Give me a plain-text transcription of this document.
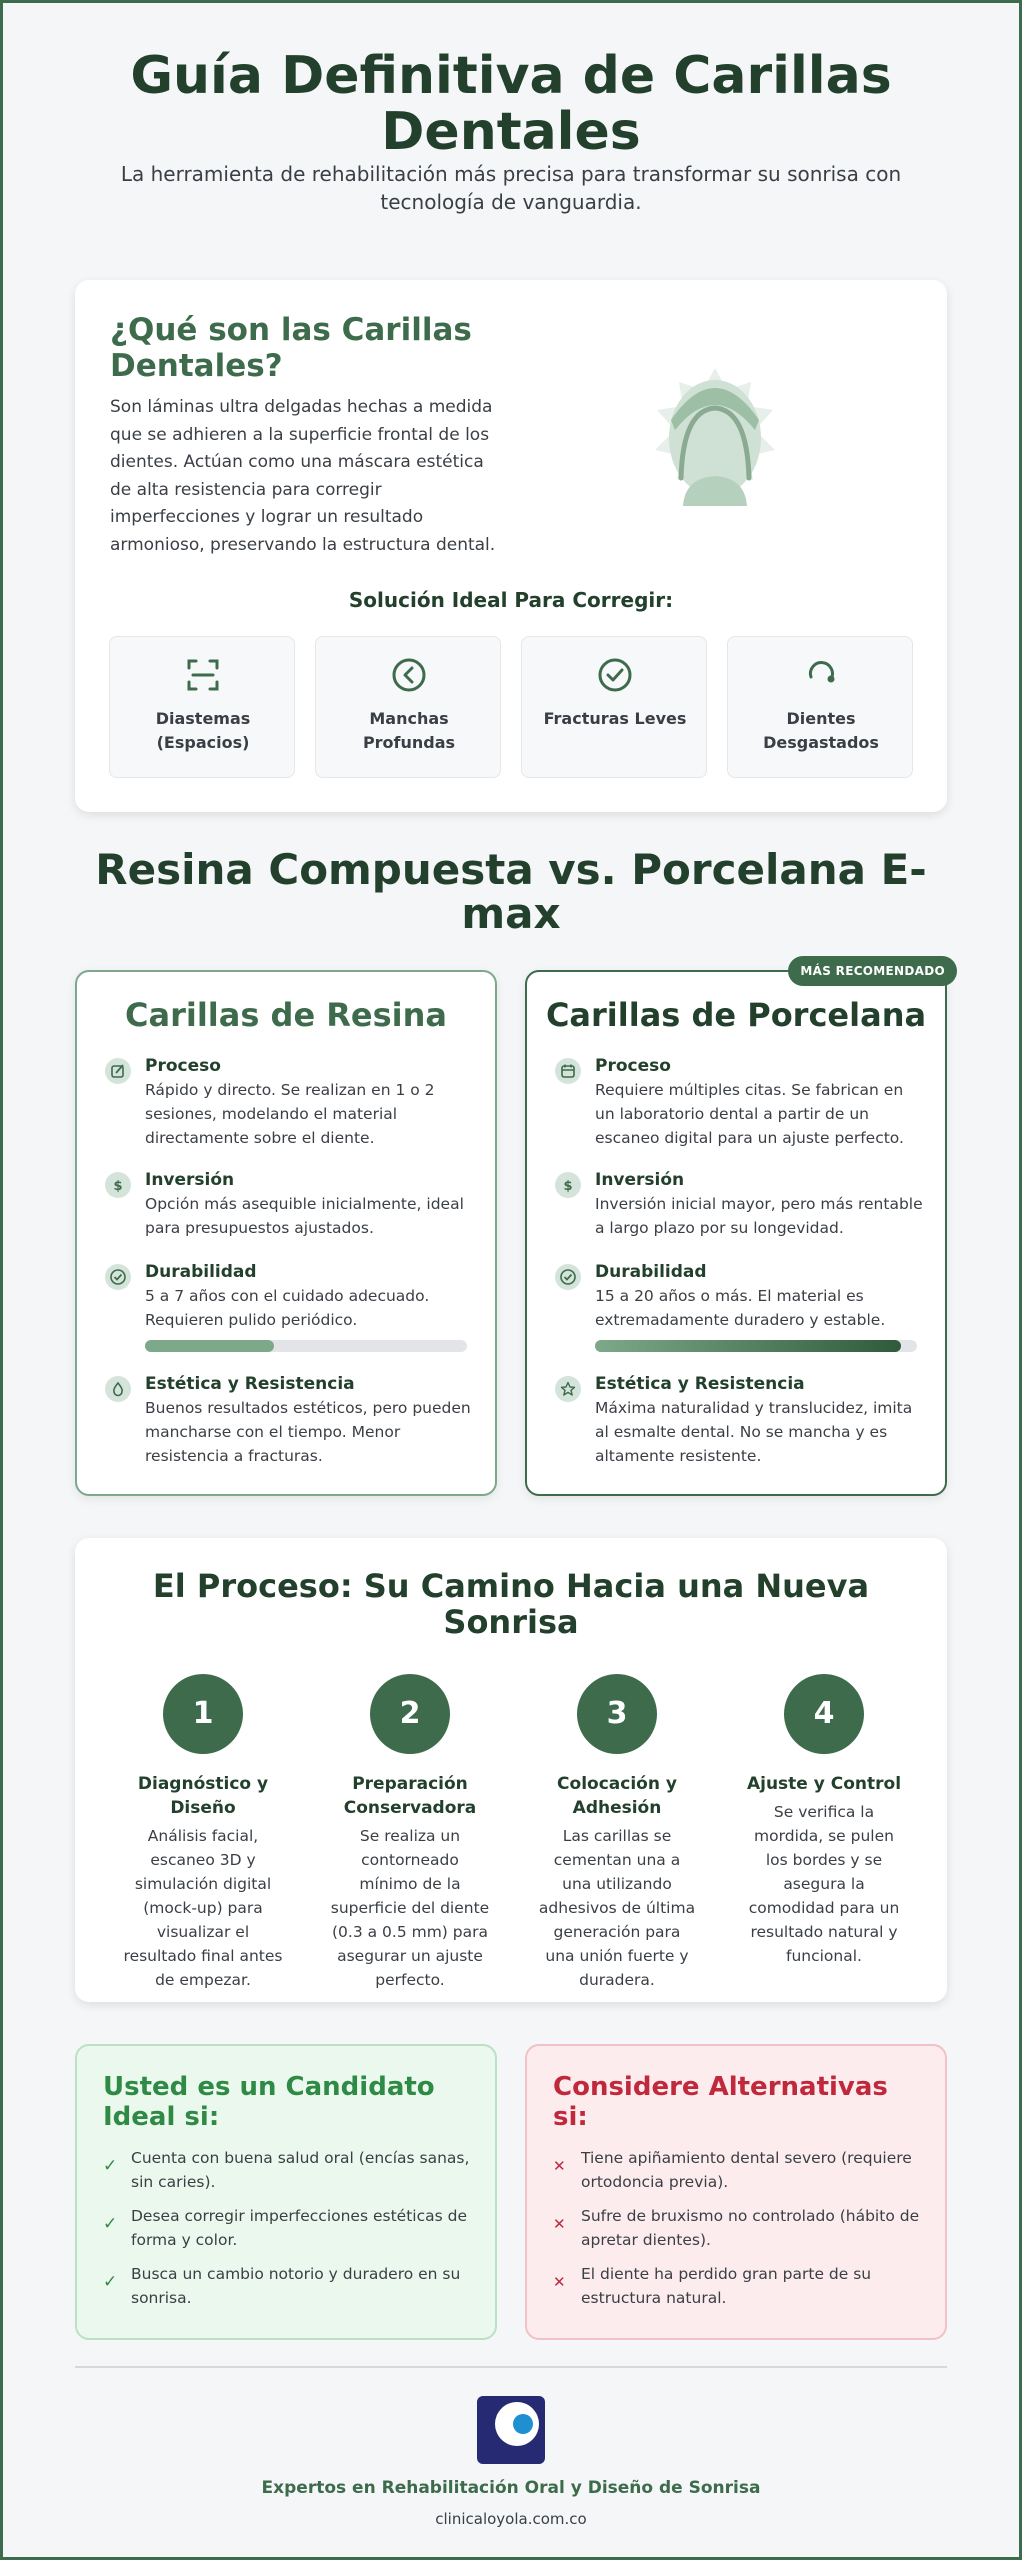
Guía Definitiva de Carillas Dentales

La herramienta de rehabilitación más precisa para transformar su sonrisa con tecnología de vanguardia.

¿Qué son las Carillas Dentales?

Son láminas ultra delgadas hechas a medida que se adhieren a la superficie frontal de los dientes. Actúan como una máscara estética de alta resistencia para corregir imperfecciones y lograr un resultado armonioso, preservando la estructura dental.

Solución Ideal Para Corregir:
Diastemas (Espacios)
Manchas Profundas
Fracturas Leves	Dientes Desgastados
Resina Compuesta vs. Porcelana E-max
Carillas de Resina
Proceso
Rápido y directo. Se realizan en 1 o 2 sesiones, modelando el material directamente sobre el diente.
$ Inversión
Opción más asequible inicialmente, ideal para presupuestos ajustados.
Durabilidad
5 a 7 años con el cuidado adecuado. Requieren pulido periódico.
Estética y Resistencia
Buenos resultados estéticos, pero pueden mancharse con el tiempo. Menor resistencia a fracturas.
MÁS RECOMENDADO
Carillas de Porcelana
Proceso
Requiere múltiples citas. Se fabrican en un laboratorio dental a partir de un escaneo digital para un ajuste perfecto.
$ Inversión
Inversión inicial mayor, pero más rentable a largo plazo por su longevidad.
Durabilidad
15 a 20 años o más. El material es extremadamente duradero y estable.
Estética y Resistencia
Máxima naturalidad y translucidez, imita al esmalte dental. No se mancha y es altamente resistente.
El Proceso: Su Camino Hacia una Nueva Sonrisa
1
Diagnóstico y Diseño
Análisis facial, escaneo 3D y simulación digital (mock-up) para visualizar el resultado final antes de empezar.
2
Preparación Conservadora
Se realiza un contorneado mínimo de la superficie del diente (0.3 a 0.5 mm) para asegurar un ajuste perfecto.
3
Colocación y Adhesión
Las carillas se cementan una a una utilizando adhesivos de última generación para una unión fuerte y duradera.
4
Ajuste y Control
Se verifica la mordida, se pulen los bordes y se asegura la comodidad para un resultado natural y funcional.
Usted es un Candidato Ideal si:
✓ Cuenta con buena salud oral (encías sanas, sin caries).
✓ Desea corregir imperfecciones estéticas de forma y color.
✓ Busca un cambio notorio y duradero en su sonrisa.
Considere Alternativas si:
✕ Tiene apiñamiento dental severo (requiere ortodoncia previa).
✕ Sufre de bruxismo no controlado (hábito de apretar dientes).
✕ El diente ha perdido gran parte de su estructura natural.
Expertos en Rehabilitación Oral y Diseño de Sonrisa
clinicaloyola.com.co
